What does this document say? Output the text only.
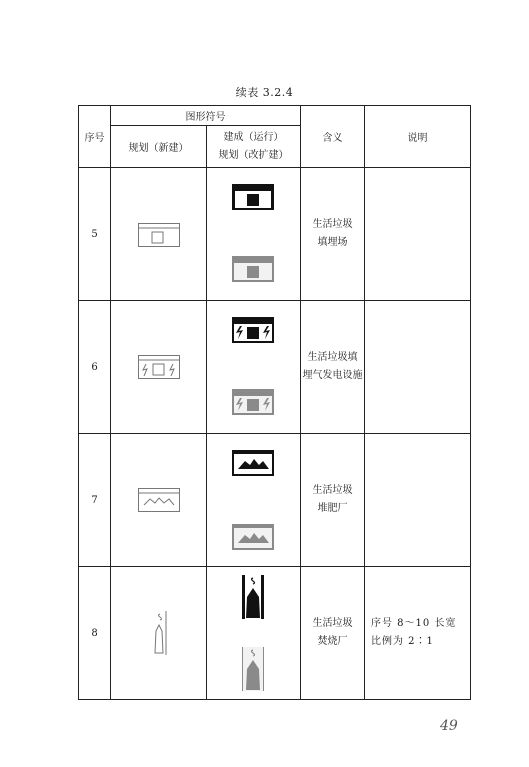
续表 3.2.4
序号	图形符号		含义	说明
	规划（新建）	建成（运行）
规划（改扩建）		

5			生活垃圾
填埋场	

6			生活垃圾填
埋气发电设施	

7			生活垃圾
堆肥厂	

8			生活垃圾
焚烧厂	序号 8～10 长宽比例为 2∶1
49
